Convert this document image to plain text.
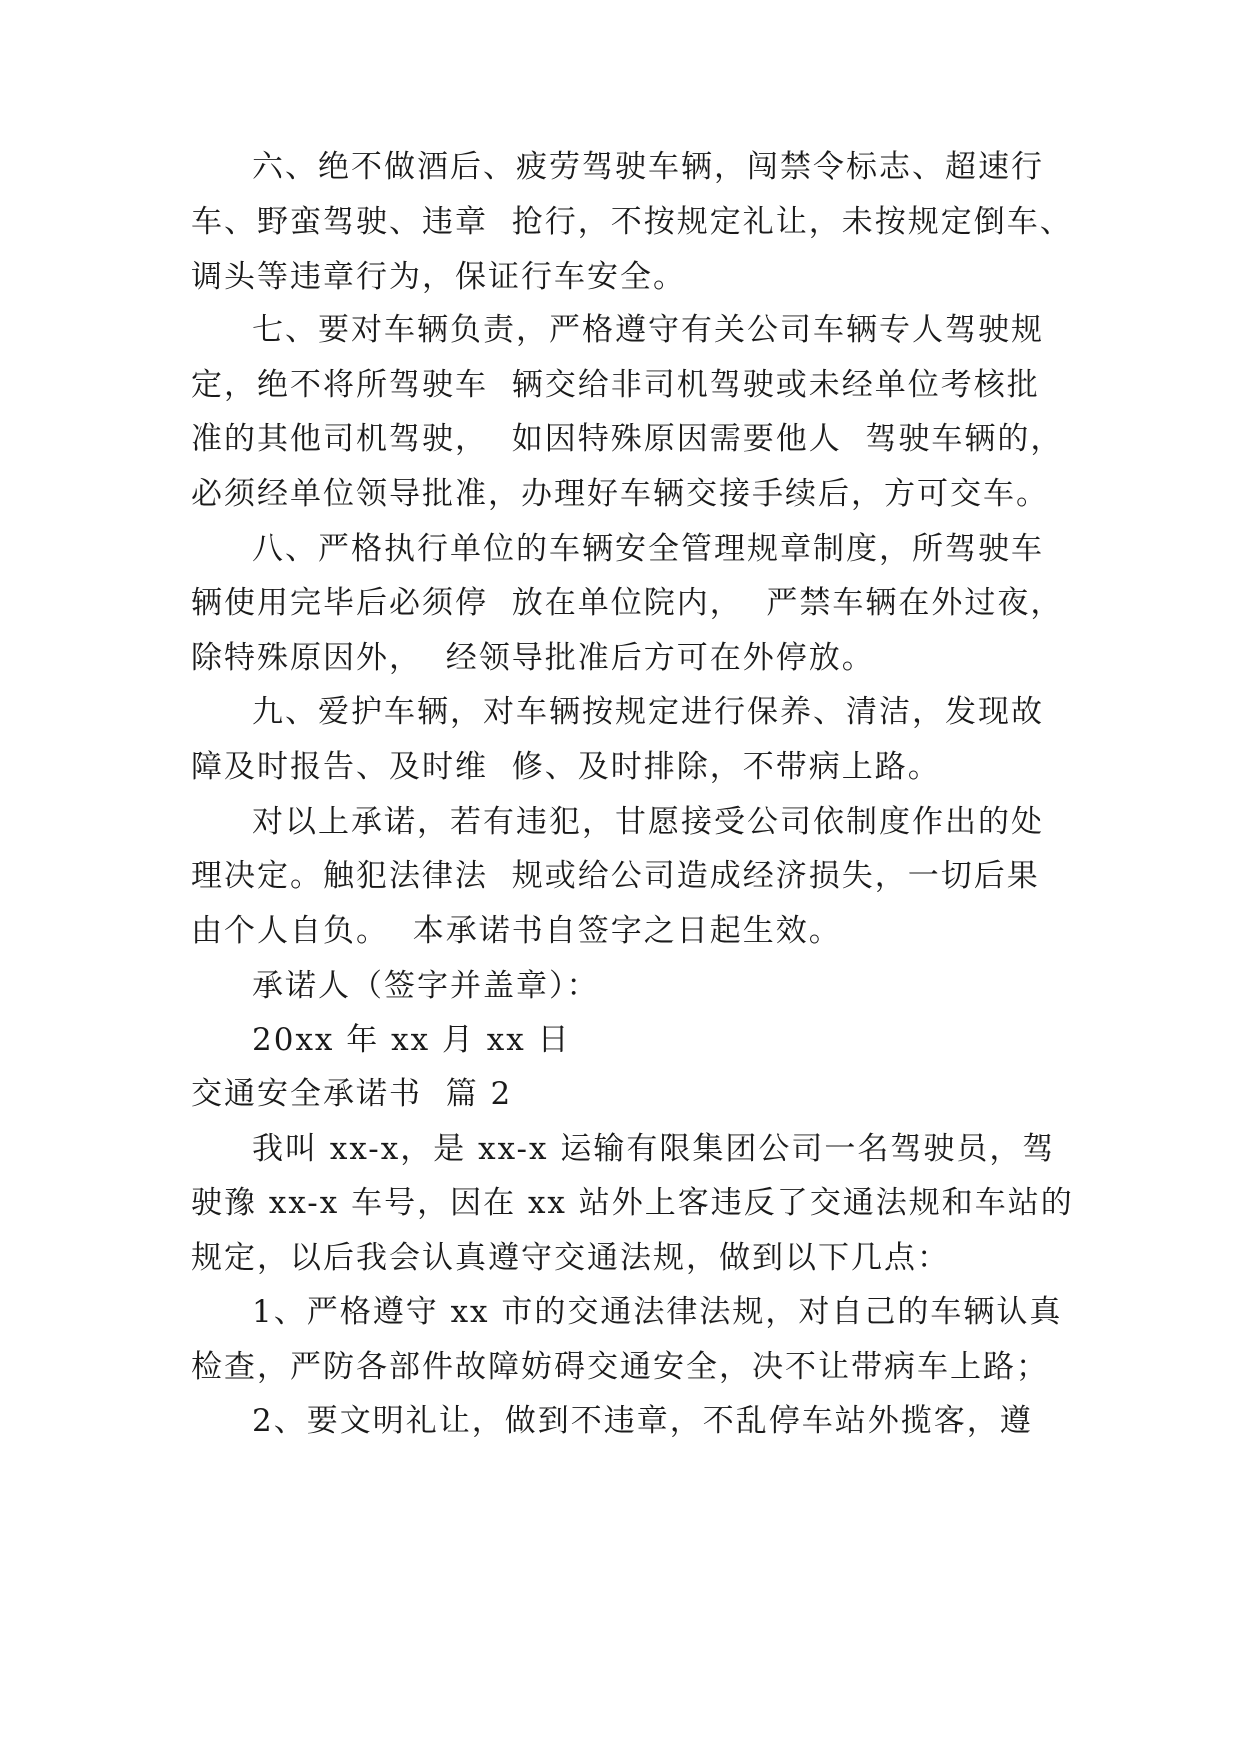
六、绝不做酒后、疲劳驾驶车辆，闯禁令标志、超速行
车、野蛮驾驶、违章  抢行，不按规定礼让，未按规定倒车、
调头等违章行为，保证行车安全。
七、要对车辆负责，严格遵守有关公司车辆专人驾驶规
定，绝不将所驾驶车  辆交给非司机驾驶或未经单位考核批
准的其他司机驾驶，  如因特殊原因需要他人  驾驶车辆的，
必须经单位领导批准，办理好车辆交接手续后，方可交车。
八、严格执行单位的车辆安全管理规章制度，所驾驶车
辆使用完毕后必须停  放在单位院内，  严禁车辆在外过夜，
除特殊原因外，  经领导批准后方可在外停放。
九、爱护车辆，对车辆按规定进行保养、清洁，发现故
障及时报告、及时维  修、及时排除，不带病上路。
对以上承诺，若有违犯，甘愿接受公司依制度作出的处
理决定。触犯法律法  规或给公司造成经济损失，一切后果
由个人自负。  本承诺书自签字之日起生效。
承诺人（签字并盖章）：
20xx 年 xx 月 xx 日
交通安全承诺书  篇 2
我叫 xx-x，是 xx-x 运输有限集团公司一名驾驶员，驾
驶豫 xx-x 车号，因在 xx 站外上客违反了交通法规和车站的
规定，以后我会认真遵守交通法规，做到以下几点：
1、严格遵守 xx 市的交通法律法规，对自己的车辆认真
检查，严防各部件故障妨碍交通安全，决不让带病车上路；
2、要文明礼让，做到不违章，不乱停车站外揽客，遵
